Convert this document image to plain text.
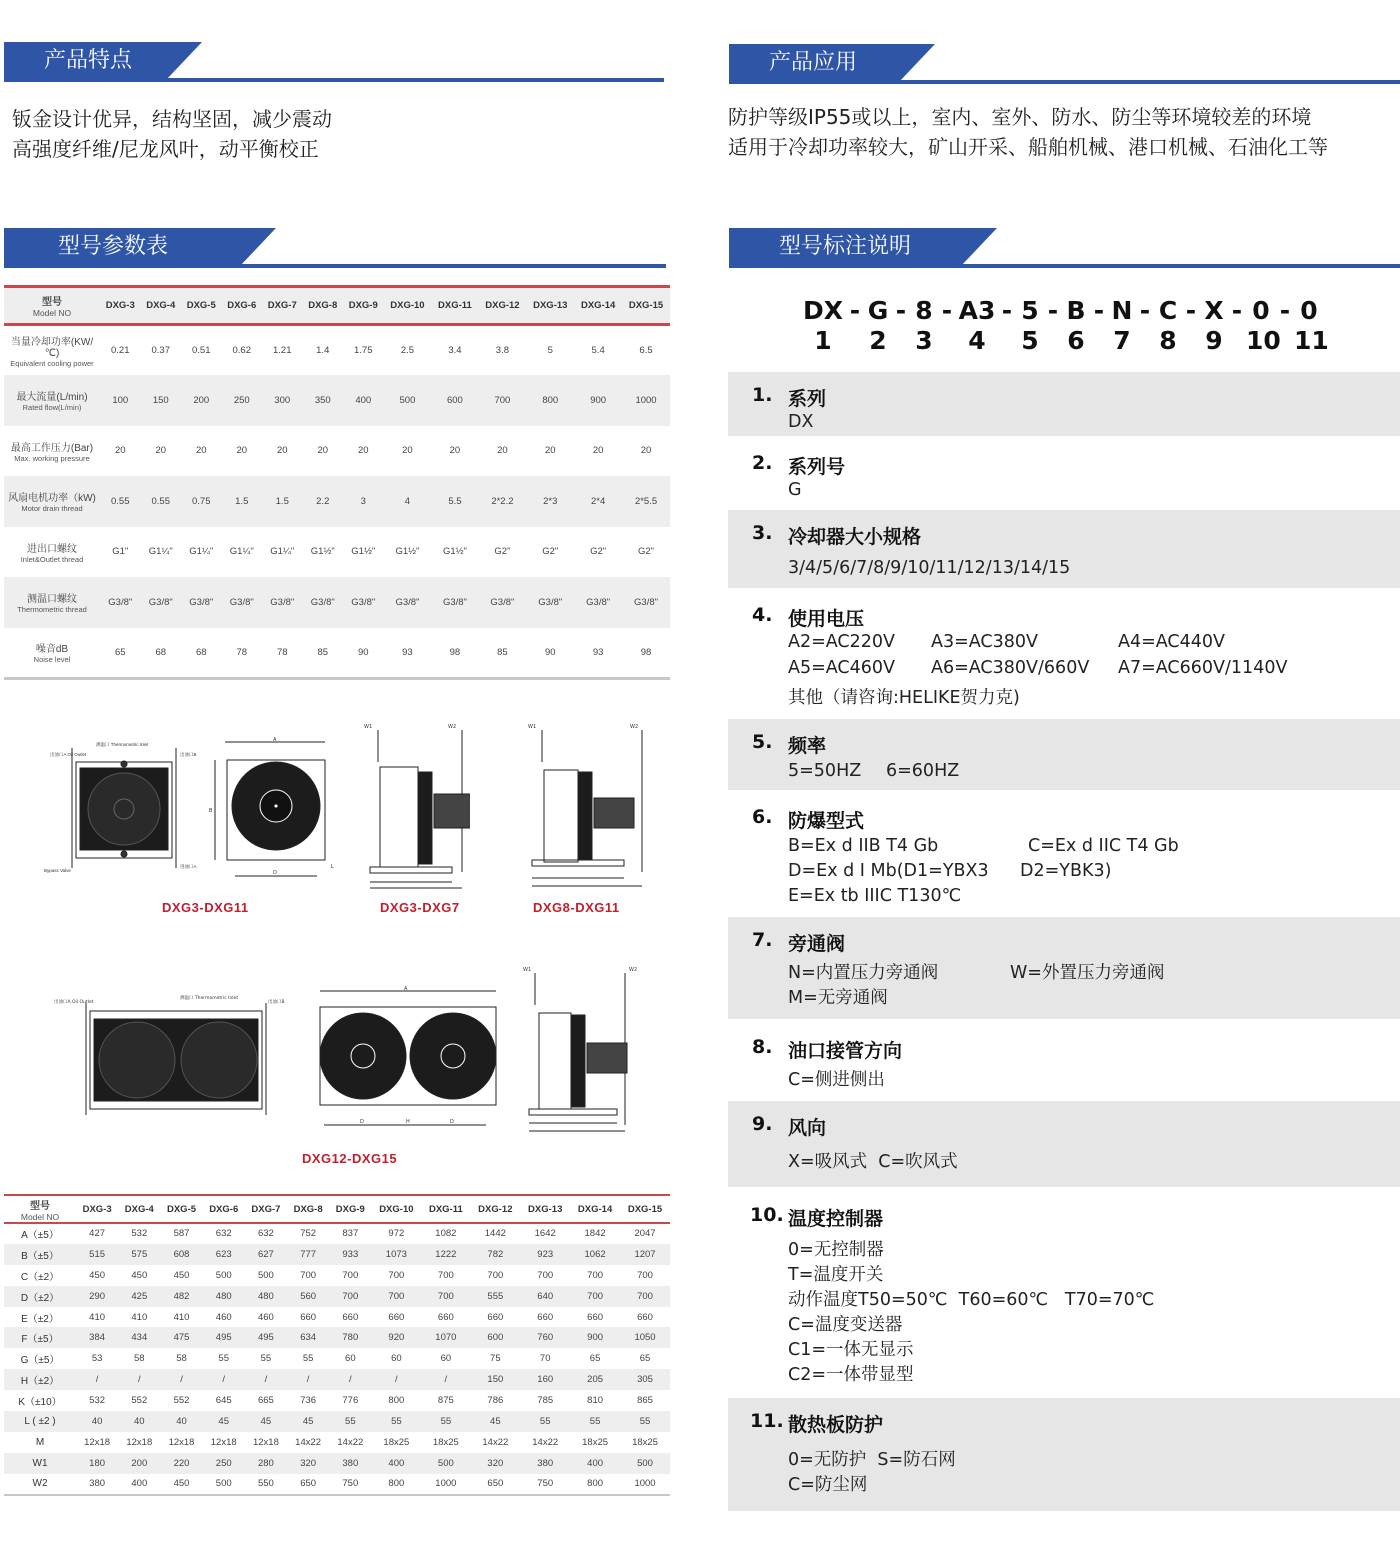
产品特点
钣金设计优异，结构坚固，减少震动
高强度纤维/尼龙风叶，动平衡校正
产品应用
防护等级IP55或以上，室内、室外、防水、防尘等环境较差的环境
适用于冷却功率较大，矿山开采、船舶机械、港口机械、石油化工等
型号参数表	型号标注说明
型号
Model NO	DXG-3	DXG-4	DXG-5	DXG-6	DXG-7	DXG-8	DXG-9	DXG-10	DXG-11	DXG-12	DXG-13	DXG-14	DXG-15

当量冷却功率(KW/℃)
Equivalent cooling power	0.21	0.37	0.51	0.62	1.21	1.4	1.75	2.5	3.4	3.8	5	5.4	6.5

最大流量(L/min)
Rated flow(L/min)	100	150	200	250	300	350	400	500	600	700	800	900	1000

最高工作压力(Bar)
Max. working pressure	20	20	20	20	20	20	20	20	20	20	20	20	20

风扇电机功率（kW)
Motor drain thread	0.55	0.55	0.75	1.5	1.5	2.2	3	4	5.5	2*2.2	2*3	2*4	2*5.5

进出口螺纹
Inlet&Outlet thread	G1"	G1¼"	G1¼"	G1¼"	G1¼"	G1½"	G1½"	G1½"	G1½"	G2"	G2"	G2"	G2"

测温口螺纹
Thermometric thread	G3/8"	G3/8"	G3/8"	G3/8"	G3/8"	G3/8"	G3/8"	G3/8"	G3/8"	G3/8"	G3/8"	G3/8"	G3/8"

噪音dB
Noise level	65	68	68	78	78	85	90	93	98	85	90	93	98
出油口A Oil Outlet
测温口 Thermometric Inlet
出油口B
Bypass Valve
进油口A
A
B
D
L
W1	W2	W1	W2
DXG3-DXG11	DXG3-DXG7	DXG8-DXG11
出油口A Oil Outlet
测温口 Thermometric Inlet
出油口B
A
D	H	D
W1	W2
DXG12-DXG15
型号
Model NO	DXG-3	DXG-4	DXG-5	DXG-6	DXG-7	DXG-8	DXG-9	DXG-10	DXG-11	DXG-12	DXG-13	DXG-14	DXG-15
A（±5）	427	532	587	632	632	752	837	972	1082	1442	1642	1842	2047
B（±5）	515	575	608	623	627	777	933	1073	1222	782	923	1062	1207
C（±2）	450	450	450	500	500	700	700	700	700	700	700	700	700
D（±2）	290	425	482	480	480	560	700	700	700	555	640	700	700
E（±2）	410	410	410	460	460	660	660	660	660	660	660	660	660
F（±5）	384	434	475	495	495	634	780	920	1070	600	760	900	1050
G（±5）	53	58	58	55	55	55	60	60	60	75	70	65	65
H（±2）	/	/	/	/	/	/	/	/	/	150	160	205	305
K（±10）	532	552	552	645	665	736	776	800	875	786	785	810	865
L ( ±2 )	40	40	40	45	45	45	55	55	55	45	55	55	55
M	12x18	12x18	12x18	12x18	12x18	14x22	14x22	18x25	18x25	14x22	14x22	18x25	18x25
W1	180	200	220	250	280	320	380	400	500	320	380	400	500
W2	380	400	450	500	550	650	750	800	1000	650	750	800	1000
DX - G - 8 - A3 - 5 - B - N - C - X - 0 - 0
1	2 3	4	5 6 7 8 9 10 11
1. 系列
DX
2. 系列号
G
3. 冷却器大小规格
3/4/5/6/7/8/9/10/11/12/13/14/15
4. 使用电压
A2=AC220V A3=AC380V	A4=AC440V
A5=AC460V A6=AC380V/660V A7=AC660V/1140V
其他（请咨询:HELIKE贺力克)
5. 频率
5=50HZ 6=60HZ
6. 防爆型式
B=Ex d IIB T4 Gb	C=Ex d IIC T4 Gb
D=Ex d I Mb(D1=YBX3 D2=YBK3)
E=Ex tb IIIC T130℃
7. 旁通阀
N=内置压力旁通阀	W=外置压力旁通阀
M=无旁通阀
8. 油口接管方向
C=侧进侧出
9. 风向
X=吸风式  C=吹风式
10. 温度控制器
0=无控制器
T=温度开关
动作温度T50=50℃  T60=60℃   T70=70℃
C=温度变送器
C1=一体无显示
C2=一体带显型
11. 散热板防护
0=无防护  S=防石网
C=防尘网
